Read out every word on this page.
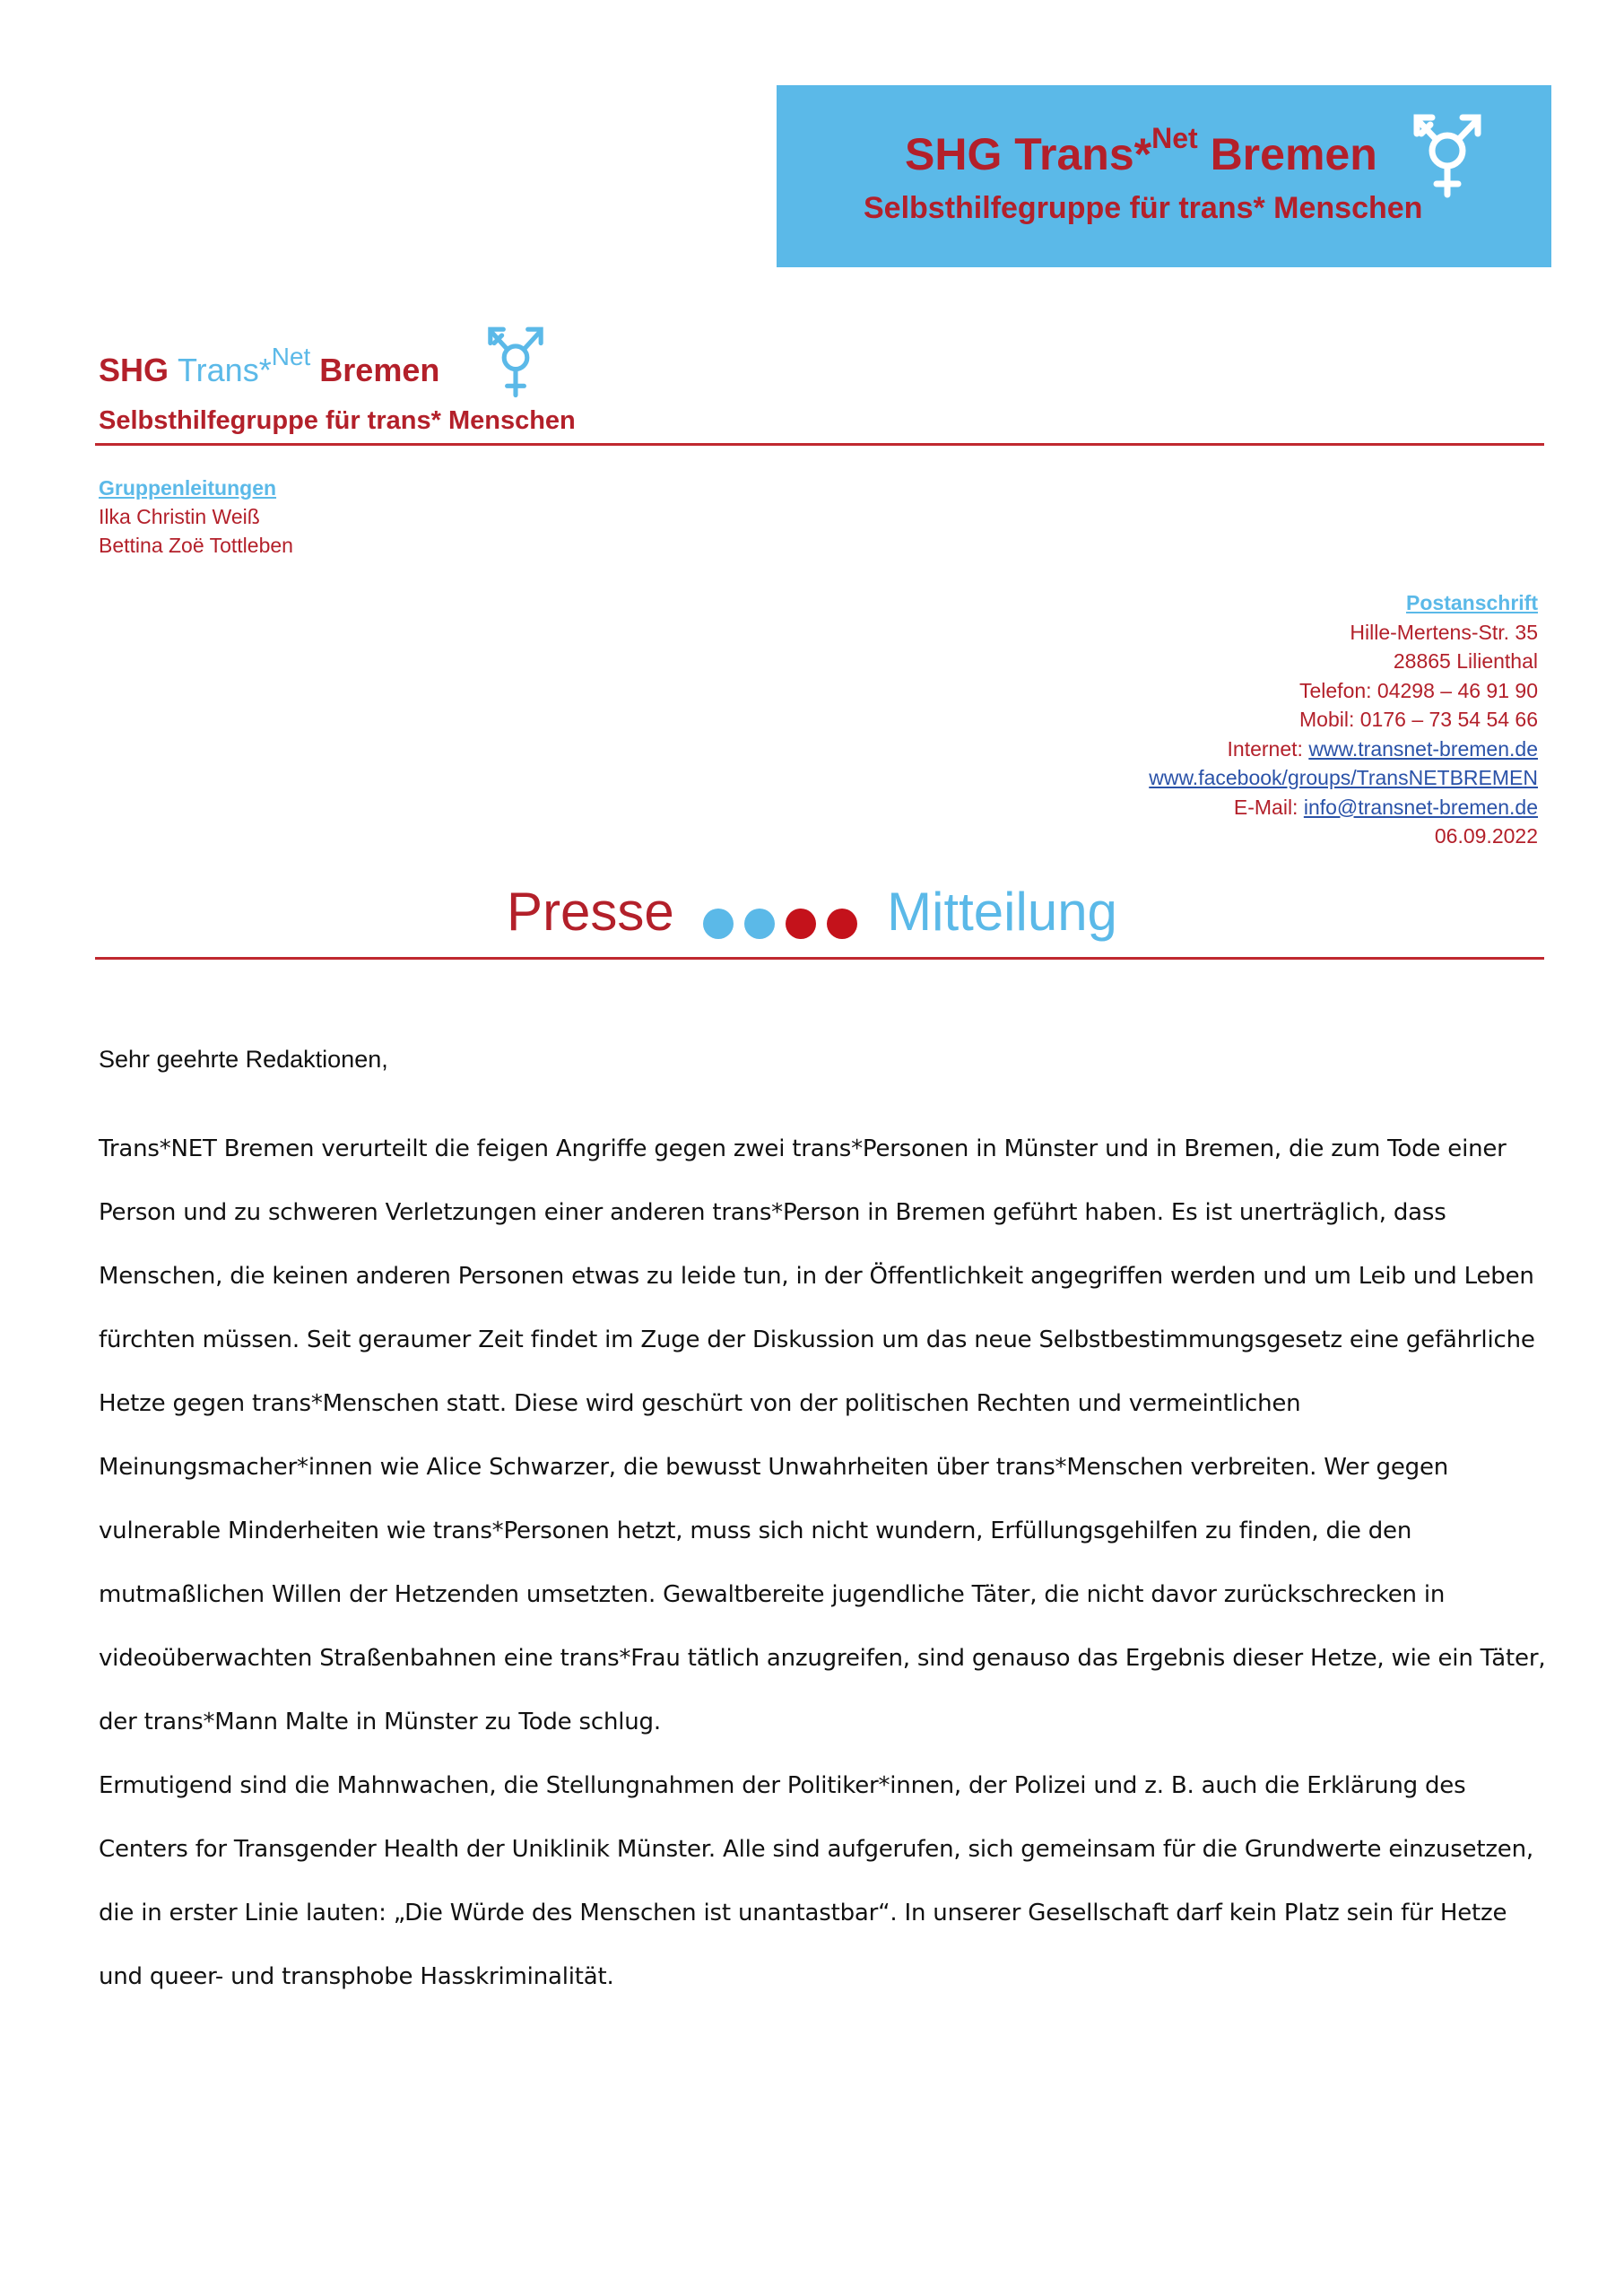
SHG Trans*$^{Net}$ Bremen
Selbsthilfegruppe für trans* Menschen
SHG Trans*$^{Net}$ Bremen
Selbsthilfegruppe für trans* Menschen
Gruppenleitungen
Ilka Christin Weiß
Bettina Zoë Tottleben
Postanschrift
Hille-Mertens-Str. 35
28865 Lilienthal
Telefon: 04298 – 46 91 90
Mobil: 0176 – 73 54 54 66
Internet: www.transnet-bremen.de
www.facebook/groups/TransNETBREMEN
E-Mail: info@transnet-bremen.de
06.09.2022
Presse	Mitteilung
Sehr geehrte Redaktionen,

Trans*NET Bremen verurteilt die feigen Angriffe gegen zwei trans*Personen in Münster und in Bremen, die zum Tode einer Person und zu schweren Verletzungen einer anderen trans*Person in Bremen geführt haben. Es ist unerträglich, dass Menschen, die keinen anderen Personen etwas zu leide tun, in der Öffentlichkeit angegriffen werden und um Leib und Leben fürchten müssen. Seit geraumer Zeit findet im Zuge der Diskussion um das neue Selbstbestimmungsgesetz eine gefährliche Hetze gegen trans*Menschen statt. Diese wird geschürt von der politischen Rechten und vermeintlichen Meinungsmacher*innen wie Alice Schwarzer, die bewusst Unwahrheiten über trans*Menschen verbreiten. Wer gegen vulnerable Minderheiten wie trans*Personen hetzt, muss sich nicht wundern, Erfüllungsgehilfen zu finden, die den mutmaßlichen Willen der Hetzenden umsetzten. Gewaltbereite jugendliche Täter, die nicht davor zurückschrecken in videoüberwachten Straßenbahnen eine trans*Frau tätlich anzugreifen, sind genauso das Ergebnis dieser Hetze, wie ein Täter, der trans*Mann Malte in Münster zu Tode schlug.

Ermutigend sind die Mahnwachen, die Stellungnahmen der Politiker*innen, der Polizei und z. B. auch die Erklärung des Centers for Transgender Health der Uniklinik Münster. Alle sind aufgerufen, sich gemeinsam für die Grundwerte einzusetzen, die in erster Linie lauten: „Die Würde des Menschen ist unantastbar“. In unserer Gesellschaft darf kein Platz sein für Hetze und queer- und transphobe Hasskriminalität.
